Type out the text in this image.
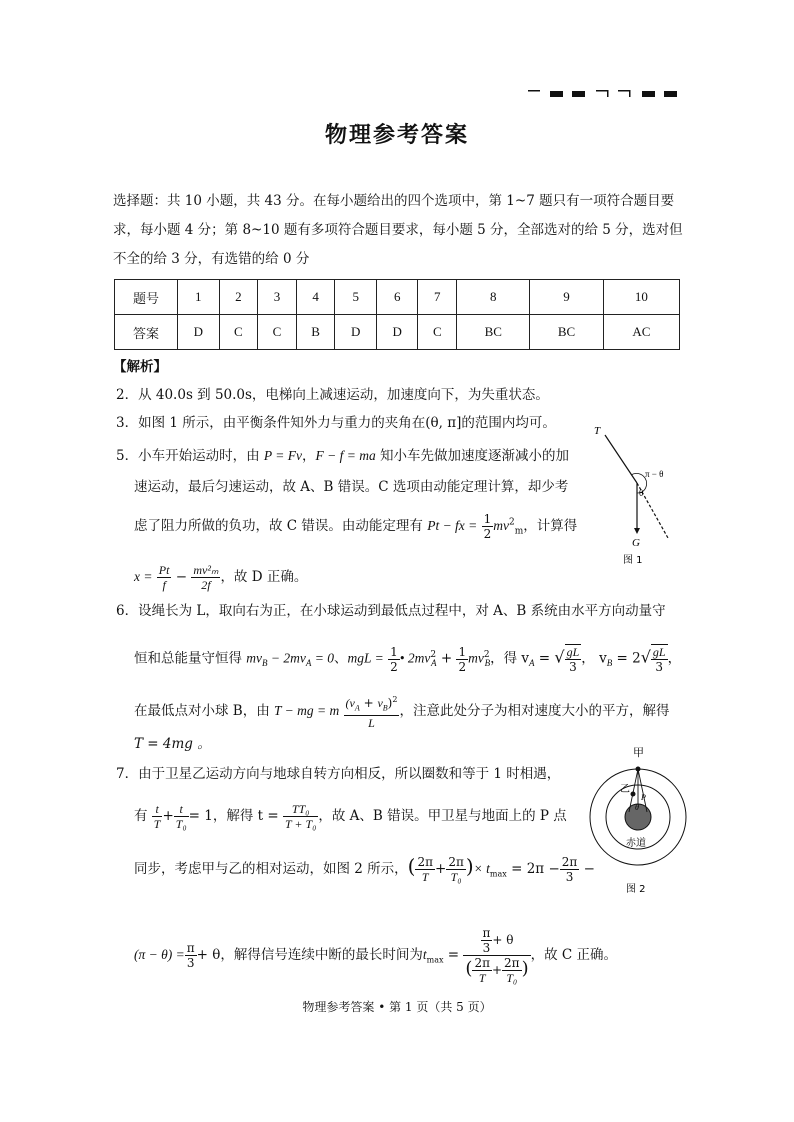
物理参考答案
选择题：共 10 小题，共 43 分。在每小题给出的四个选项中，第 1~7 题只有一项符合题目要
求，每小题 4 分；第 8~10 题有多项符合题目要求，每小题 5 分，全部选对的给 5 分，选对但
不全的给 3 分，有选错的给 0 分
题号	1	2	3	4	5	6	7	8	9	10
答案	D	C	C	B	D	D	C	BC	BC	AC
【解析】
2．从 40.0s 到 50.0s，电梯向上减速运动，加速度向下，为失重状态。
3．如图 1 所示，由平衡条件知外力与重力的夹角在(θ, π]的范围内均可。
5．小车开始运动时，由 P = Fv，F − f = ma 知小车先做加速度逐渐减小的加
速运动，最后匀速运动，故 A、B 错误。C 选项由动能定理计算，却少考
虑了阻力所做的负功，故 C 错误。由动能定理有 Pt − fx = $\frac{1}{2} mv^2_m$，计算得
$x = \frac{Pt}{f} - \frac{\text{mv²ₘ}}{2f}$ ，故 D 正确。
T
G
π − θ
θ
图 1
6．设绳长为 L，取向右为正，在小球运动到最低点过程中，对 A、B 系统由水平方向动量守
恒和总能量守恒得 $mv_B - 2mv_A = 0$、mgL = $\frac{1}{2}$ • $2mv^2_A + \frac{1}{2} mv^2_B$，得 $v_A$ = √ $\frac{gL}{3}$ ， $v_B = 2√ \frac{gL}{3}$ ，
在最低点对小球 B，由 T − mg = m $\frac{(v_A + v_B)^2}{L}$ ，注意此处分子为相对速度大小的平方，解得
T = 4mg 。
7．由于卫星乙运动方向与地球自转方向相反，所以圈数和等于 1 时相遇，
有 $\frac{t}{T} + \frac{t}{\text{T₀}} = 1$，解得 $t = \frac{\text{TT₀}}{\text{T + T₀}}$ ，故 A、B 错误。甲卫星与地面上的 P 点
同步，考虑甲与乙的相对运动，如图 2 所示，( $\frac{2\pi}{T} + \frac{2\pi}{\text{T₀}}$ )× $t_{max} = 2\pi - \frac{2\pi}{3}$ −
$(\pi - \theta) = \frac{\pi}{3} + \theta$，解得信号连续中断的最长时间为$t_{max} = \frac{\frac{\pi}{3} + \theta}{( \frac{2\pi}{T} + \frac{2\pi}{\text{T₀}} )}$ ，故 C 正确。
甲
乙
P
θ
赤道
图 2
物理参考答案 • 第 1 页（共 5 页）
